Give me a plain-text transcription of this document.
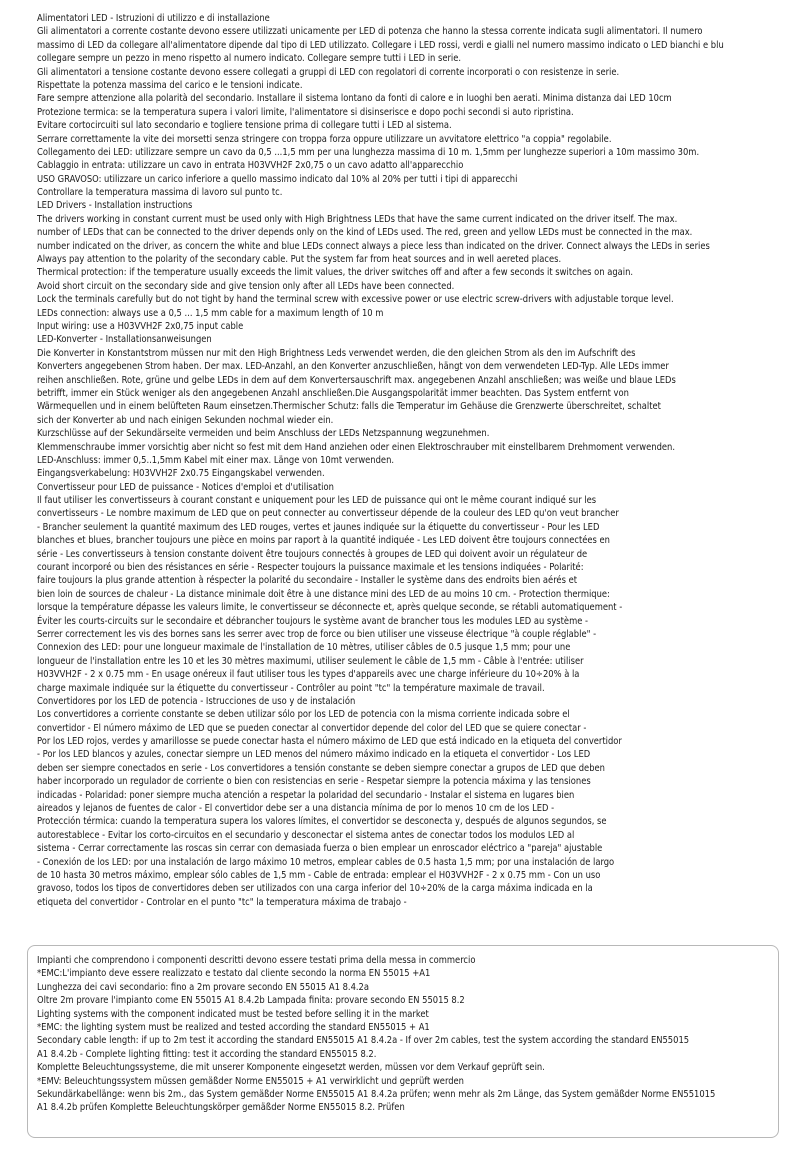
Alimentatori LED - Istruzioni di utilizzo e di installazione
Gli alimentatori a corrente costante devono essere utilizzati unicamente per LED di potenza che hanno la stessa corrente indicata sugli alimentatori. Il numero
massimo di LED da collegare all'alimentatore dipende dal tipo di LED utilizzato. Collegare i LED rossi, verdi e gialli nel numero massimo indicato o LED bianchi e blu
collegare sempre un pezzo in meno rispetto al numero indicato. Collegare sempre tutti i LED in serie.
Gli alimentatori a tensione costante devono essere collegati a gruppi di LED con regolatori di corrente incorporati o con resistenze in serie.
Rispettate la potenza massima del carico e le tensioni indicate.
Fare sempre attenzione alla polarità del secondario. Installare il sistema lontano da fonti di calore e in luoghi ben aerati. Minima distanza dai LED 10cm
Protezione termica: se la temperatura supera i valori limite, l'alimentatore si disinserisce e dopo pochi secondi si auto ripristina.
Evitare cortocircuiti sul lato secondario e togliere tensione prima di collegare tutti i LED al sistema.
Serrare correttamente la vite dei morsetti senza stringere con troppa forza oppure utilizzare un avvitatore elettrico "a coppia" regolabile.
Collegamento dei LED: utilizzare sempre un cavo da 0,5 ...1,5 mm per una lunghezza massima di 10 m. 1,5mm per lunghezze superiori a 10m massimo 30m.
Cablaggio in entrata: utilizzare un cavo in entrata H03VVH2F 2x0,75 o un cavo adatto all'apparecchio
USO GRAVOSO: utilizzare un carico inferiore a quello massimo indicato dal 10% al 20% per tutti i tipi di apparecchi
Controllare la temperatura massima di lavoro sul punto tc.
LED Drivers - Installation instructions
The drivers working in constant current must be used only with High Brightness LEDs that have the same current indicated on the driver itself. The max.
number of LEDs that can be connected to the driver depends only on the kind of LEDs used. The red, green and yellow LEDs must be connected in the max.
number indicated on the driver, as concern the white and blue LEDs connect always a piece less than indicated on the driver. Connect always the LEDs in series
Always pay attention to the polarity of the secondary cable. Put the system far from heat sources and in well aereted places.
Thermical protection: if the temperature usually exceeds the limit values, the driver switches off and after a few seconds it switches on again.
Avoid short circuit on the secondary side and give tension only after all LEDs have been connected.
Lock the terminals carefully but do not tight by hand the terminal screw with excessive power or use electric screw-drivers with adjustable torque level.
LEDs connection: always use a 0,5 ... 1,5 mm cable for a maximum length of 10 m
Input wiring: use a H03VVH2F 2x0,75 input cable
LED-Konverter - Installationsanweisungen
Die Konverter in Konstantstrom müssen nur mit den High Brightness Leds verwendet werden, die den gleichen Strom als den im Aufschrift des
Konverters angegebenen Strom haben. Der max. LED-Anzahl, an den Konverter anzuschließen, hängt von dem verwendeten LED-Typ. Alle LEDs immer
reihen anschließen. Rote, grüne und gelbe LEDs in dem auf dem Konvertersauschrift max. angegebenen Anzahl anschließen; was weiße und blaue LEDs
betrifft, immer ein Stück weniger als den angegebenen Anzahl anschließen.Die Ausgangspolarität immer beachten. Das System entfernt von
Wärmequellen und in einem belüfteten Raum einsetzen.Thermischer Schutz: falls die Temperatur im Gehäuse die Grenzwerte überschreitet, schaltet
sich der Konverter ab und nach einigen Sekunden nochmal wieder ein.
Kurzschlüsse auf der Sekundärseite vermeiden und beim Anschluss der LEDs Netzspannung wegzunehmen.
Klemmenschraube immer vorsichtig aber nicht so fest mit dem Hand anziehen oder einen Elektroschrauber mit einstellbarem Drehmoment verwenden.
LED-Anschluss: immer 0,5..1,5mm Kabel mit einer max. Länge von 10mt verwenden.
Eingangsverkabelung: H03VVH2F 2x0.75 Eingangskabel verwenden.
Convertisseur pour LED de puissance - Notices d'emploi et d'utilisation
Il faut utiliser les convertisseurs à courant constant e uniquement pour les LED de puissance qui ont le même courant indiqué sur les
convertisseurs - Le nombre maximum de LED que on peut connecter au convertisseur dépende de la couleur des LED qu'on veut brancher
- Brancher seulement la quantité maximum des LED rouges, vertes et jaunes indiquée sur la étiquette du convertisseur - Pour les LED
blanches et blues, brancher toujours une pièce en moins par raport à la quantité indiquée - Les LED doivent être toujours connectées en
série - Les convertisseurs à tension constante doivent être toujours connectés à groupes de LED qui doivent avoir un régulateur de
courant incorporé ou bien des résistances en série - Respecter toujours la puissance maximale et les tensions indiquées - Polarité:
faire toujours la plus grande attention à réspecter la polarité du secondaire - Installer le système dans des endroits bien aérés et
bien loin de sources de chaleur - La distance minimale doit être à une distance mini des LED de au moins 10 cm. - Protection thermique:
lorsque la température dépasse les valeurs limite, le convertisseur se déconnecte et, après quelque seconde, se rétabli automatiquement -
Éviter les courts-circuits sur le secondaire et débrancher toujours le système avant de brancher tous les modules LED au système -
Serrer correctement les vis des bornes sans les serrer avec trop de force ou bien utiliser une visseuse électrique "à couple réglable" -
Connexion des LED: pour une longueur maximale de l'installation de 10 mètres, utiliser câbles de 0.5 jusque 1,5 mm; pour une
longueur de l'installation entre les 10 et les 30 mètres maximumi, utiliser seulement le câble de 1,5 mm - Câble à l'entrée: utiliser
H03VVH2F - 2 x 0.75 mm - En usage onéreux il faut utiliser tous les types d'appareils avec une charge inférieure du 10÷20% à la
charge maximale indiquée sur la étiquette du convertisseur - Contrôler au point "tc" la température maximale de travail.
Convertidores por los LED de potencia - Istrucciones de uso y de instalación
Los convertidores a corriente constante se deben utilizar sólo por los LED de potencia con la misma corriente indicada sobre el
convertidor - El número máximo de LED que se pueden conectar al convertidor depende del color del LED que se quiere conectar -
Por los LED rojos, verdes y amarillosse se puede conectar hasta el número máximo de LED que está indicado en la etiqueta del convertidor
- Por los LED blancos y azules, conectar siempre un LED menos del número máximo indicado en la etiqueta el convertidor - Los LED
deben ser siempre conectados en serie - Los convertidores a tensión constante se deben siempre conectar a grupos de LED que deben
haber incorporado un regulador de corriente o bien con resistencias en serie - Respetar siempre la potencia máxima y las tensiones
indicadas - Polaridad: poner siempre mucha atención a respetar la polaridad del secundario - Instalar el sistema en lugares bien
aireados y lejanos de fuentes de calor - El convertidor debe ser a una distancia mínima de por lo menos 10 cm de los LED -
Protección térmica: cuando la temperatura supera los valores límites, el convertidor se desconecta y, después de algunos segundos, se
autorestablece - Evitar los corto-circuitos en el secundario y desconectar el sistema antes de conectar todos los modulos LED al
sistema - Cerrar correctamente las roscas sin cerrar con demasiada fuerza o bien emplear un enroscador eléctrico a "pareja" ajustable
- Conexión de los LED: por una instalación de largo máximo 10 metros, emplear cables de 0.5 hasta 1,5 mm; por una instalación de largo
de 10 hasta 30 metros máximo, emplear sólo cables de 1,5 mm - Cable de entrada: emplear el H03VVH2F - 2 x 0.75 mm - Con un uso
gravoso, todos los tipos de convertidores deben ser utilizados con una carga inferior del 10÷20% de la carga máxima indicada en la
etiqueta del convertidor - Controlar en el punto "tc" la temperatura máxima de trabajo -
Impianti che comprendono i componenti descritti devono essere testati prima della messa in commercio
*EMC:L'impianto deve essere realizzato e testato dal cliente secondo la norma EN 55015 +A1
Lunghezza dei cavi secondario: fino a 2m provare secondo EN 55015 A1 8.4.2a
Oltre 2m provare l'impianto come EN 55015 A1 8.4.2b Lampada finita: provare secondo EN 55015 8.2
Lighting systems with the component indicated must be tested before selling it in the market
*EMC: the lighting system must be realized and tested according the standard EN55015 + A1
Secondary cable length: if up to 2m test it according the standard EN55015 A1 8.4.2a - If over 2m cables, test the system according the standard EN55015
A1 8.4.2b - Complete lighting fitting: test it according the standard EN55015 8.2.
Komplette Beleuchtungssysteme, die mit unserer Komponente eingesetzt werden, müssen vor dem Verkauf geprüft sein.
*EMV: Beleuchtungssystem müssen gemäßder Norme EN55015 + A1 verwirklicht und geprüft werden
Sekundärkabellänge: wenn bis 2m., das System gemäßder Norme EN55015 A1 8.4.2a prüfen; wenn mehr als 2m Länge, das System gemäßder Norme EN551015
A1 8.4.2b prüfen Komplette Beleuchtungskörper gemäßder Norme EN55015 8.2. Prüfen
